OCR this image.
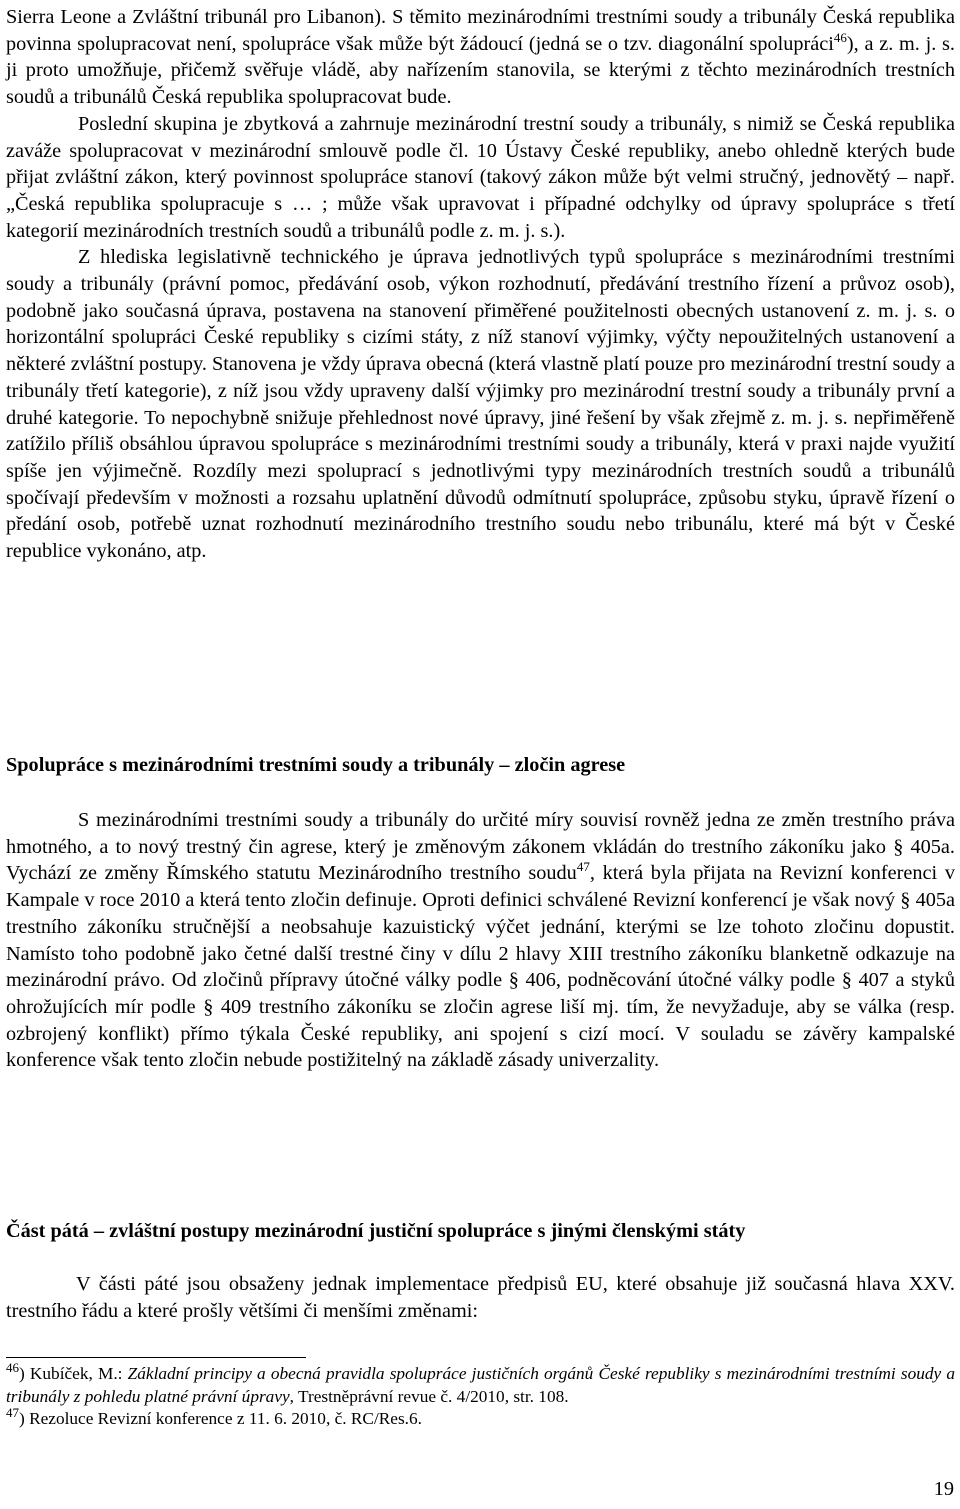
Sierra Leone a Zvláštní tribunál pro Libanon). S těmito mezinárodními trestními soudy a tribunály Česká republika povinna spolupracovat není, spolupráce však může být žádoucí (jedná se o tzv. diagonální spolupráci$^{46}$), a z. m. j. s. ji proto umožňuje, přičemž svěřuje vládě, aby nařízením stanovila, se kterými z těchto mezinárodních trestních soudů a tribunálů Česká republika spolupracovat bude.

Poslední skupina je zbytková a zahrnuje mezinárodní trestní soudy a tribunály, s nimiž se Česká republika zaváže spolupracovat v mezinárodní smlouvě podle čl. 10 Ústavy České republiky, anebo ohledně kterých bude přijat zvláštní zákon, který povinnost spolupráce stanoví (takový zákon může být velmi stručný, jednovětý – např. „Česká republika spolupracuje s … ; může však upravovat i případné odchylky od úpravy spolupráce s třetí kategorií mezinárodních trestních soudů a tribunálů podle z. m. j. s.).

Z hlediska legislativně technického je úprava jednotlivých typů spolupráce s mezinárodními trestními soudy a tribunály (právní pomoc, předávání osob, výkon rozhodnutí, předávání trestního řízení a průvoz osob), podobně jako současná úprava, postavena na stanovení přiměřené použitelnosti obecných ustanovení z. m. j. s. o horizontální spolupráci České republiky s cizími státy, z níž stanoví výjimky, výčty nepoužitelných ustanovení a některé zvláštní postupy. Stanovena je vždy úprava obecná (která vlastně platí pouze pro mezinárodní trestní soudy a tribunály třetí kategorie), z níž jsou vždy upraveny další výjimky pro mezinárodní trestní soudy a tribunály první a druhé kategorie. To nepochybně snižuje přehlednost nové úpravy, jiné řešení by však zřejmě z. m. j. s. nepřiměřeně zatížilo příliš obsáhlou úpravou spolupráce s mezinárodními trestními soudy a tribunály, která v praxi najde využití spíše jen výjimečně. Rozdíly mezi spoluprací s jednotlivými typy mezinárodních trestních soudů a tribunálů spočívají především v možnosti a rozsahu uplatnění důvodů odmítnutí spolupráce, způsobu styku, úpravě řízení o předání osob, potřebě uznat rozhodnutí mezinárodního trestního soudu nebo tribunálu, které má být v České republice vykonáno, atp.

Spolupráce s mezinárodními trestními soudy a tribunály – zločin agrese

S mezinárodními trestními soudy a tribunály do určité míry souvisí rovněž jedna ze změn trestního práva hmotného, a to nový trestný čin agrese, který je změnovým zákonem vkládán do trestního zákoníku jako § 405a. Vychází ze změny Římského statutu Mezinárodního trestního soudu$^{47}$, která byla přijata na Revizní konferenci v Kampale v roce 2010 a která tento zločin definuje. Oproti definici schválené Revizní konferencí je však nový § 405a trestního zákoníku stručnější a neobsahuje kazuistický výčet jednání, kterými se lze tohoto zločinu dopustit. Namísto toho podobně jako četné další trestné činy v dílu 2 hlavy XIII trestního zákoníku blanketně odkazuje na mezinárodní právo. Od zločinů přípravy útočné války podle § 406, podněcování útočné války podle § 407 a styků ohrožujících mír podle § 409 trestního zákoníku se zločin agrese liší mj. tím, že nevyžaduje, aby se válka (resp. ozbrojený konflikt) přímo týkala České republiky, ani spojení s cizí mocí. V souladu se závěry kampalské konference však tento zločin nebude postižitelný na základě zásady univerzality.

Část pátá – zvláštní postupy mezinárodní justiční spolupráce s jinými členskými státy

V části páté jsou obsaženy jednak implementace předpisů EU, které obsahuje již současná hlava XXV. trestního řádu a které prošly většími či menšími změnami:

$^{46}$) Kubíček, M.: Základní principy a obecná pravidla spolupráce justičních orgánů České republiky s mezinárodními trestními soudy a tribunály z pohledu platné právní úpravy, Trestněprávní revue č. 4/2010, str. 108.

$^{47}$) Rezoluce Revizní konference z 11. 6. 2010, č. RC/Res.6.

19
